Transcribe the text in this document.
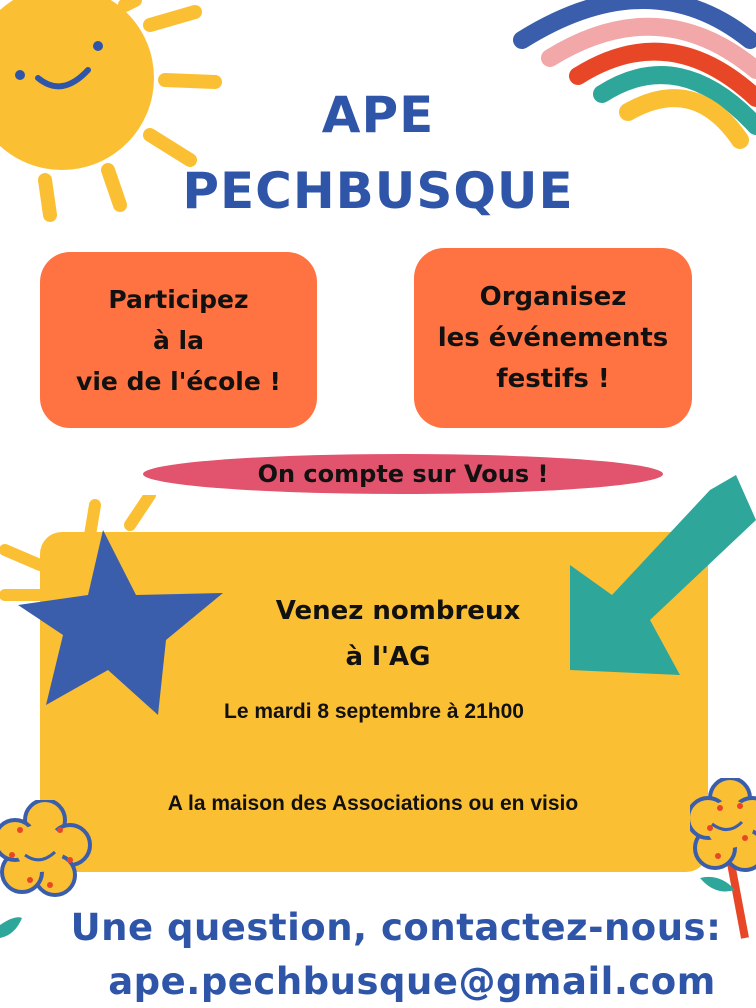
APE
PECHBUSQUE
Participez
à la
vie de l'école !
Organisez
les événements
festifs !
On compte sur Vous !
Venez nombreux
à l'AG
Le mardi 8 septembre à 21h00
A la maison des Associations ou en visio
Une question, contactez-nous:
ape.pechbusque@gmail.com
